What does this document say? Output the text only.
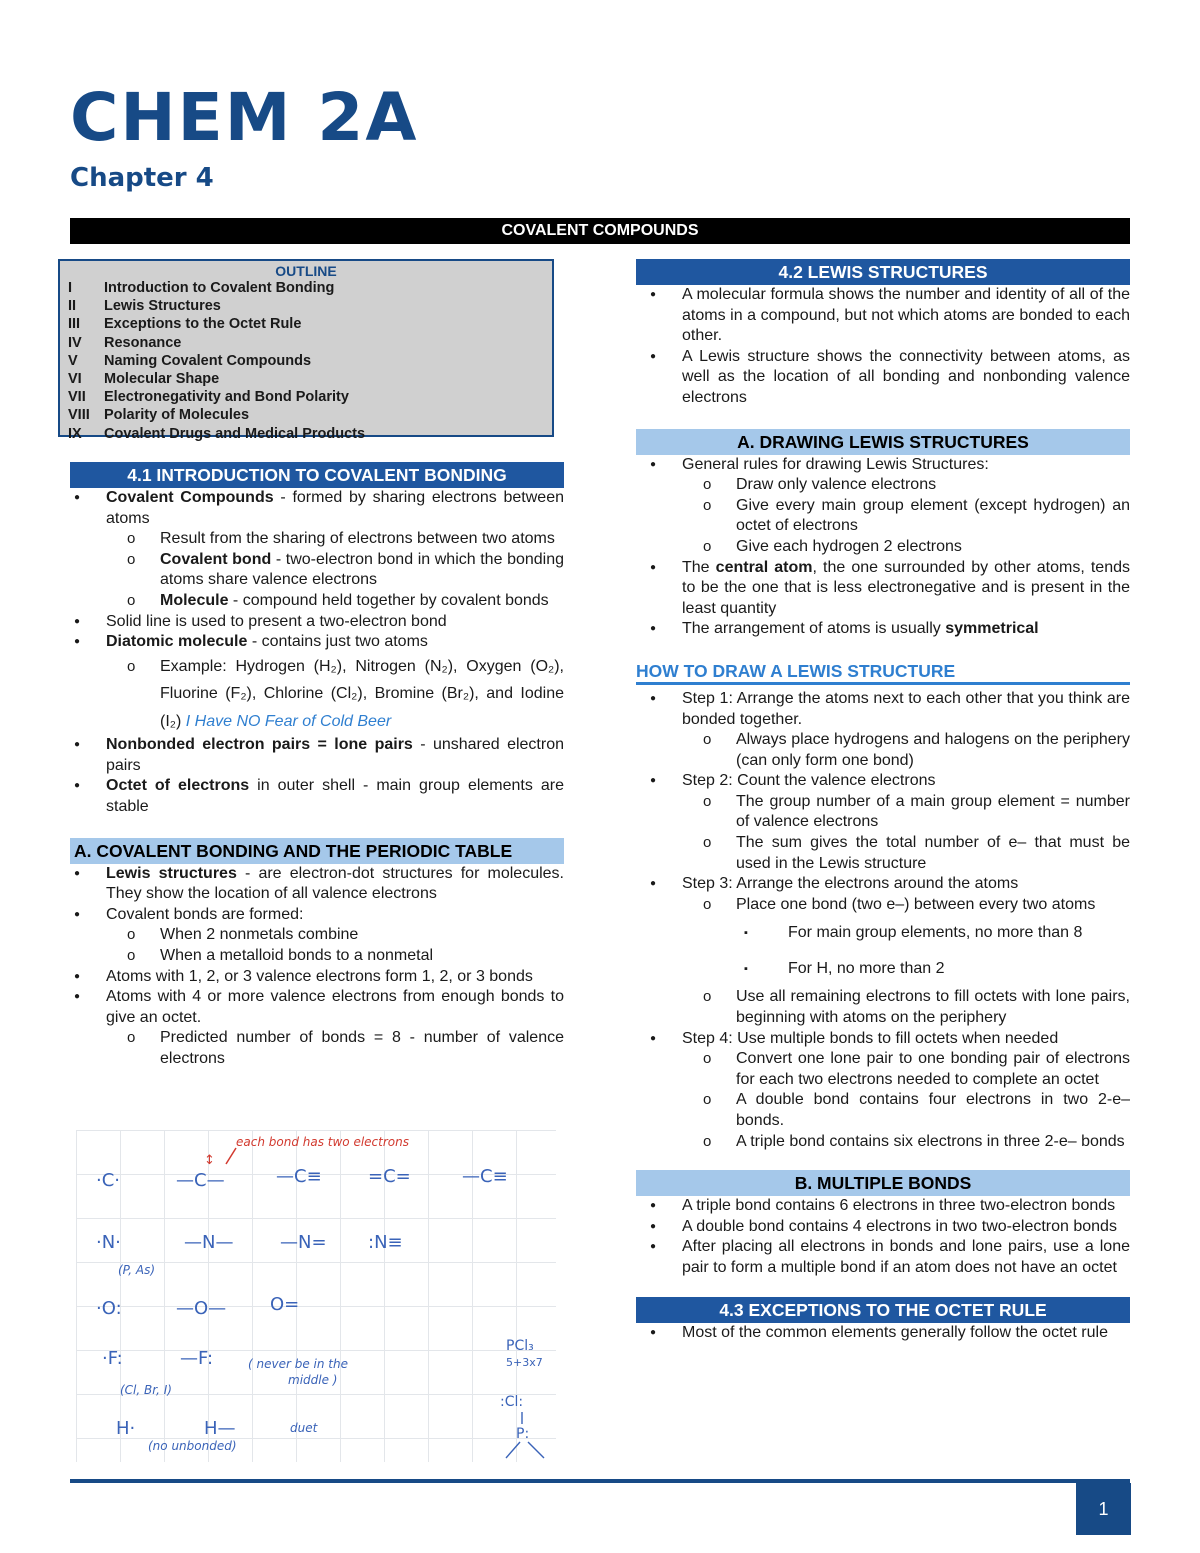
CHEM 2A
Chapter 4
COVALENT COMPOUNDS
OUTLINE
I	Introduction to Covalent Bonding
II	Lewis Structures
III	Exceptions to the Octet Rule
IV	Resonance
V	Naming Covalent Compounds
VI	Molecular Shape
VII	Electronegativity and Bond Polarity
VIII Polarity of Molecules
IX	Covalent Drugs and Medical Products
4.1 INTRODUCTION TO COVALENT BONDING
● Covalent Compounds - formed by sharing electrons between atoms
o Result from the sharing of electrons between two atoms
o Covalent bond - two-electron bond in which the bonding atoms share valence electrons
o Molecule - compound held together by covalent bonds
● Solid line is used to present a two-electron bond
● Diatomic molecule - contains just two atoms
o Example: Hydrogen (H₂), Nitrogen (N₂), Oxygen (O₂), Fluorine (F₂), Chlorine (Cl₂), Bromine (Br₂), and Iodine (I₂) I Have NO Fear of Cold Beer
● Nonbonded electron pairs = lone pairs - unshared electron pairs
● Octet of electrons in outer shell - main group elements are stable
A. COVALENT BONDING AND THE PERIODIC TABLE
● Lewis structures - are electron-dot structures for molecules. They show the location of all valence electrons
● Covalent bonds are formed:
o When 2 nonmetals combine
o When a metalloid bonds to a nonmetal
● Atoms with 1, 2, or 3 valence electrons form 1, 2, or 3 bonds
● Atoms with 4 or more valence electrons from enough bonds to give an octet.
o Predicted number of bonds = 8 - number of valence electrons
each bond has two electrons
↕
·C·	—C—	—C≡	=C=	—C≡
·N·	—N—	—N= :N≡
·O:	—O— O=
·F:	—F:
H·	H—
(P, As)
( never be in the
middle )
(Cl, Br, I)
duet
(no unbonded)
PCl₃
5+3x7
:Cl:
P:
4.2 LEWIS STRUCTURES
● A molecular formula shows the number and identity of all of the atoms in a compound, but not which atoms are bonded to each other.
● A Lewis structure shows the connectivity between atoms, as well as the location of all bonding and nonbonding valence electrons
A. DRAWING LEWIS STRUCTURES
● General rules for drawing Lewis Structures:
o Draw only valence electrons
o Give every main group element (except hydrogen) an octet of electrons
o Give each hydrogen 2 electrons
● The central atom, the one surrounded by other atoms, tends to be the one that is less electronegative and is present in the least quantity
● The arrangement of atoms is usually symmetrical
HOW TO DRAW A LEWIS STRUCTURE
● Step 1: Arrange the atoms next to each other that you think are bonded together.
o Always place hydrogens and halogens on the periphery (can only form one bond)
● Step 2: Count the valence electrons
o The group number of a main group element = number of valence electrons
o The sum gives the total number of e– that must be used in the Lewis structure
● Step 3: Arrange the electrons around the atoms
o Place one bond (two e–) between every two atoms
▪ For main group elements, no more than 8
▪ For H, no more than 2
o Use all remaining electrons to fill octets with lone pairs, beginning with atoms on the periphery
● Step 4: Use multiple bonds to fill octets when needed
o Convert one lone pair to one bonding pair of electrons for each two electrons needed to complete an octet
o A double bond contains four electrons in two 2-e– bonds.
o A triple bond contains six electrons in three 2-e– bonds
B. MULTIPLE BONDS
● A triple bond contains 6 electrons in three two-electron bonds
● A double bond contains 4 electrons in two two-electron bonds
● After placing all electrons in bonds and lone pairs, use a lone pair to form a multiple bond if an atom does not have an octet
4.3 EXCEPTIONS TO THE OCTET RULE
● Most of the common elements generally follow the octet rule
1
